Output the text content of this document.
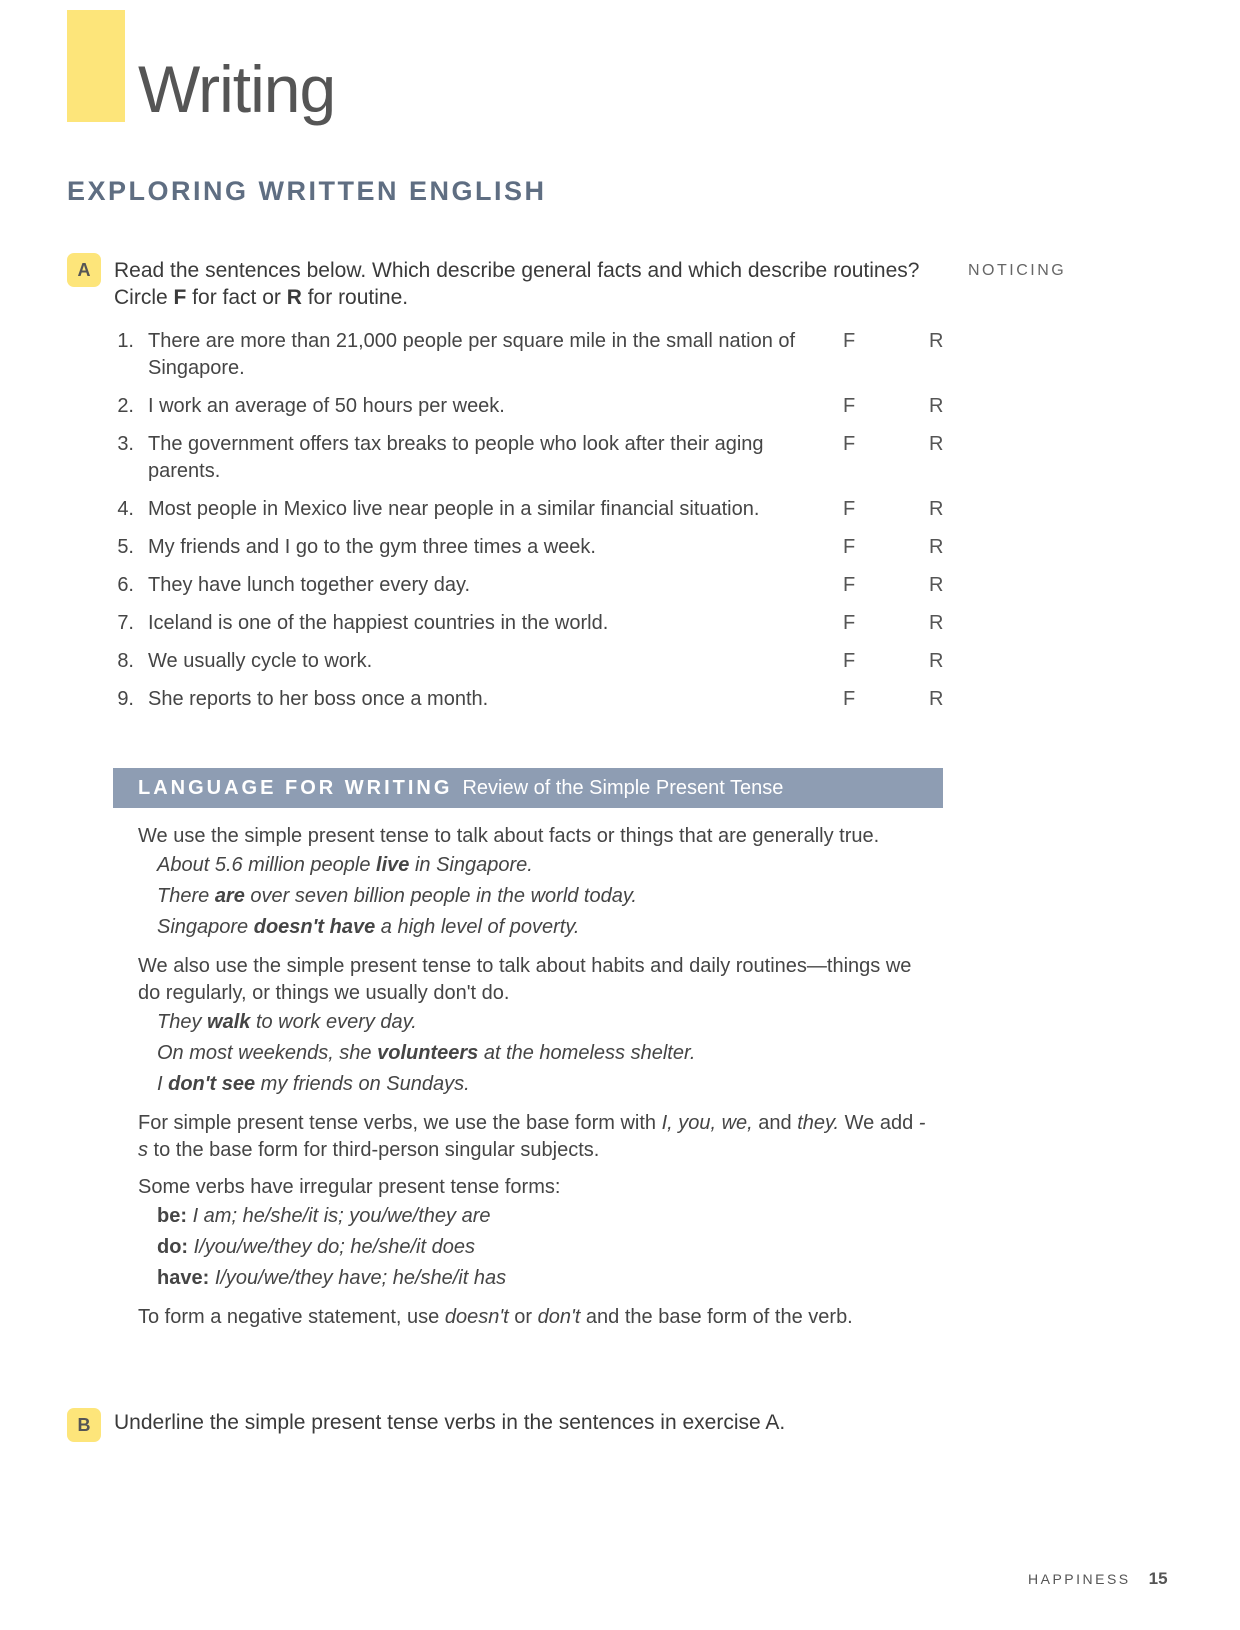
Writing
EXPLORING WRITTEN ENGLISH
A	Read the sentences below. Which describe general facts and which describe routines?
Circle F for fact or R for routine.
NOTICING
1. There are more than 21,000 people per square mile in the small nation of Singapore.
F	R
2. I work an average of 50 hours per week.	F	R
3. The government offers tax breaks to people who look after their aging parents.
F	R
4. Most people in Mexico live near people in a similar financial situation.	F	R
5. My friends and I go to the gym three times a week.	F	R
6. They have lunch together every day.	F	R
7. Iceland is one of the happiest countries in the world.	F	R
8. We usually cycle to work.	F	R
9. She reports to her boss once a month.	F	R
LANGUAGE FOR WRITING Review of the Simple Present Tense
We use the simple present tense to talk about facts or things that are generally true.
About 5.6 million people live in Singapore.
There are over seven billion people in the world today.
Singapore doesn't have a high level of poverty.
We also use the simple present tense to talk about habits and daily routines—things we do regularly, or things we usually don't do.
They walk to work every day.
On most weekends, she volunteers at the homeless shelter.
I don't see my friends on Sundays.
For simple present tense verbs, we use the base form with I, you, we, and they. We add -s to the base form for third-person singular subjects.
Some verbs have irregular present tense forms:
be: I am; he/she/it is; you/we/they are
do: I/you/we/they do; he/she/it does
have: I/you/we/they have; he/she/it has
To form a negative statement, use doesn't or don't and the base form of the verb.
B	Underline the simple present tense verbs in the sentences in exercise A.
HAPPINESS 15
